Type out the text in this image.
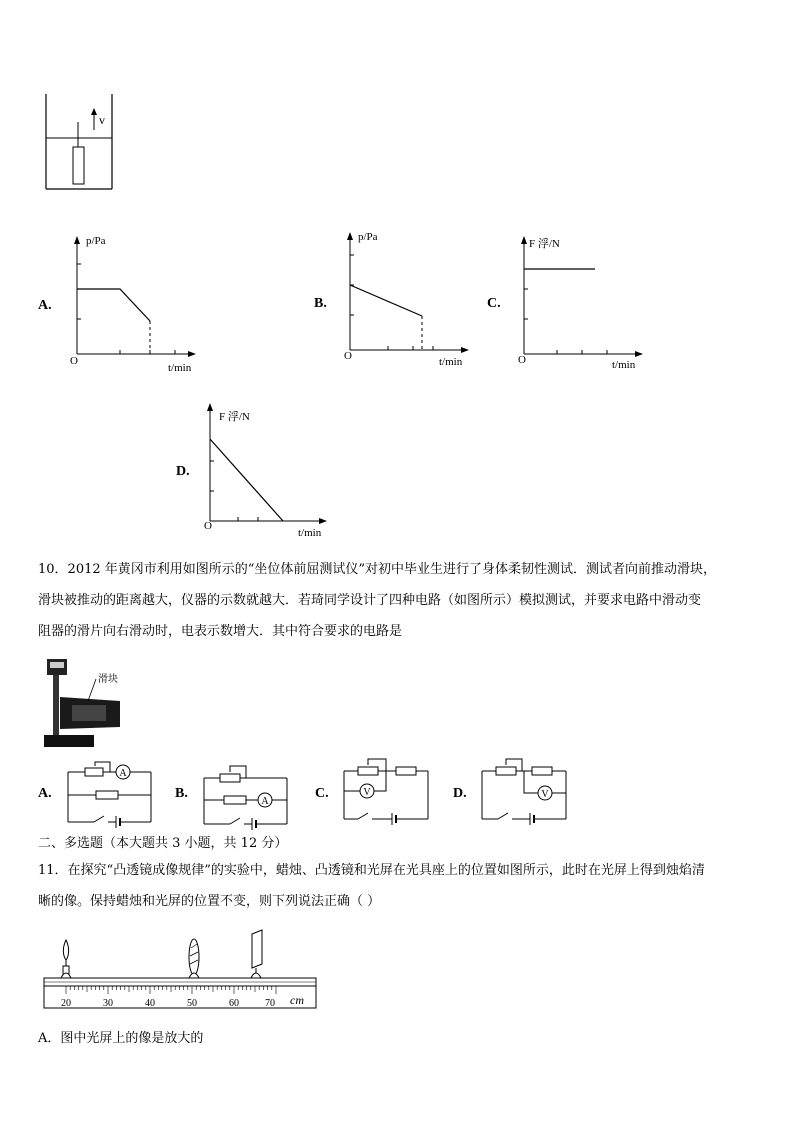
v
A.
p/Pa
O
t/min
B.
p/Pa
O	t/min
C.
F 浮/N
O	t/min
D.
F 浮/N
O
t/min
10．2012 年黄冈市利用如图所示的“坐位体前屈测试仪”对初中毕业生进行了身体柔韧性测试．测试者向前推动滑块，
滑块被推动的距离越大，仪器的示数就越大．若琦同学设计了四种电路（如图所示）模拟测试，并要求电路中滑动变
阻器的滑片向右滑动时，电表示数增大．其中符合要求的电路是
滑块
A.
A
B.
A
C.	V	D.	V
二、多选题（本大题共 3 小题，共 12 分）
11．在探究“凸透镜成像规律”的实验中，蜡烛、凸透镜和光屏在光具座上的位置如图所示，此时在光屏上得到烛焰清
晰的像。保持蜡烛和光屏的位置不变，则下列说法正确（ ）
20	30	40	50	60	70 cm
A．图中光屏上的像是放大的
